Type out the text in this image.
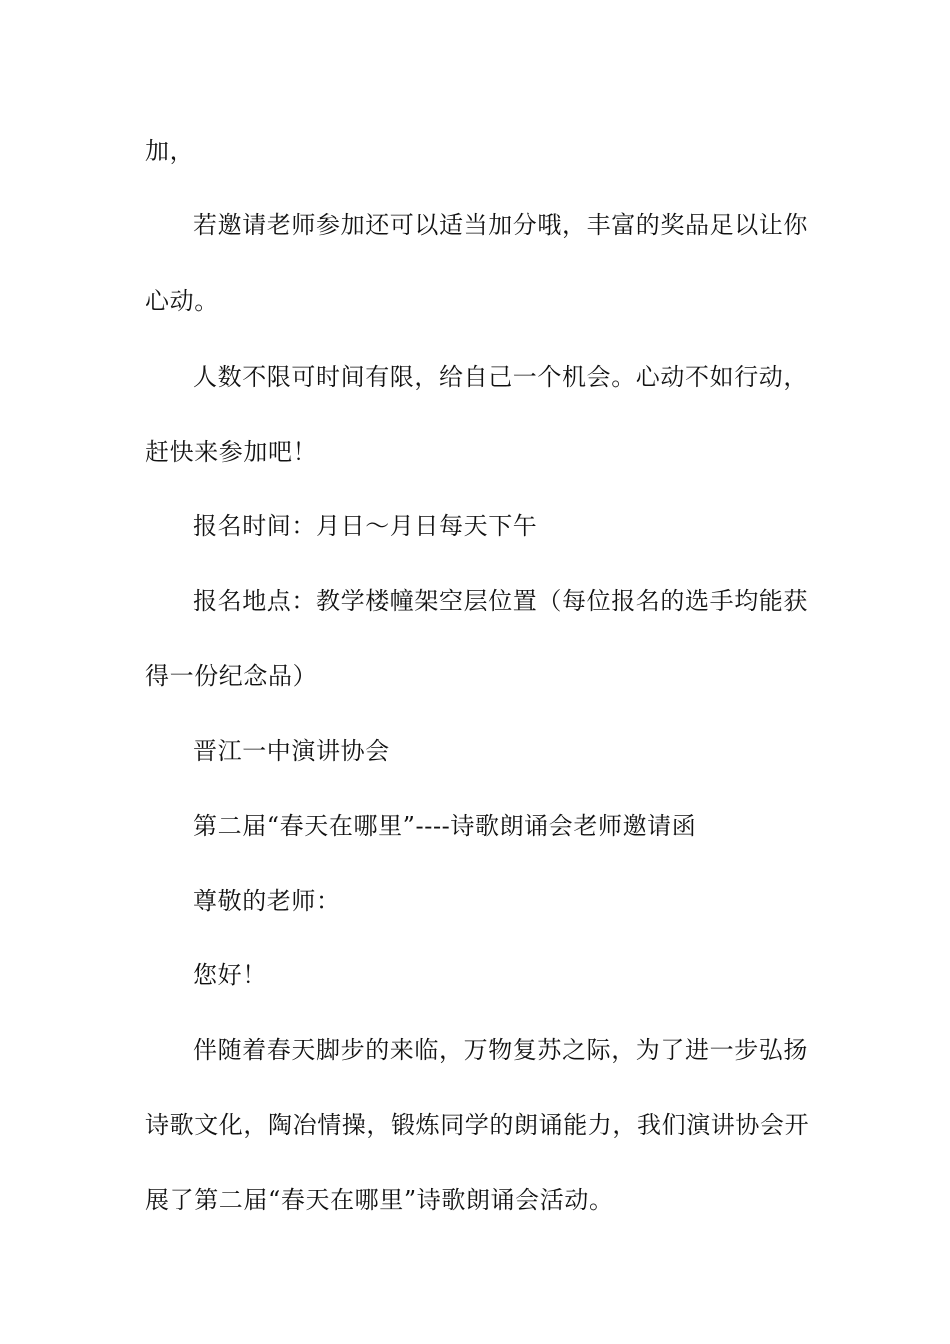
加，
若邀请老师参加还可以适当加分哦，丰富的奖品足以让你
心动。
人数不限可时间有限，给自己一个机会。心动不如行动，
赶快来参加吧！
报名时间：月日～月日每天下午
报名地点：教学楼幢架空层位置（每位报名的选手均能获
得一份纪念品）
晋江一中演讲协会
第二届“春天在哪里”----诗歌朗诵会老师邀请函
尊敬的老师：
您好！
伴随着春天脚步的来临，万物复苏之际，为了进一步弘扬
诗歌文化，陶冶情操，锻炼同学的朗诵能力，我们演讲协会开
展了第二届“春天在哪里”诗歌朗诵会活动。
